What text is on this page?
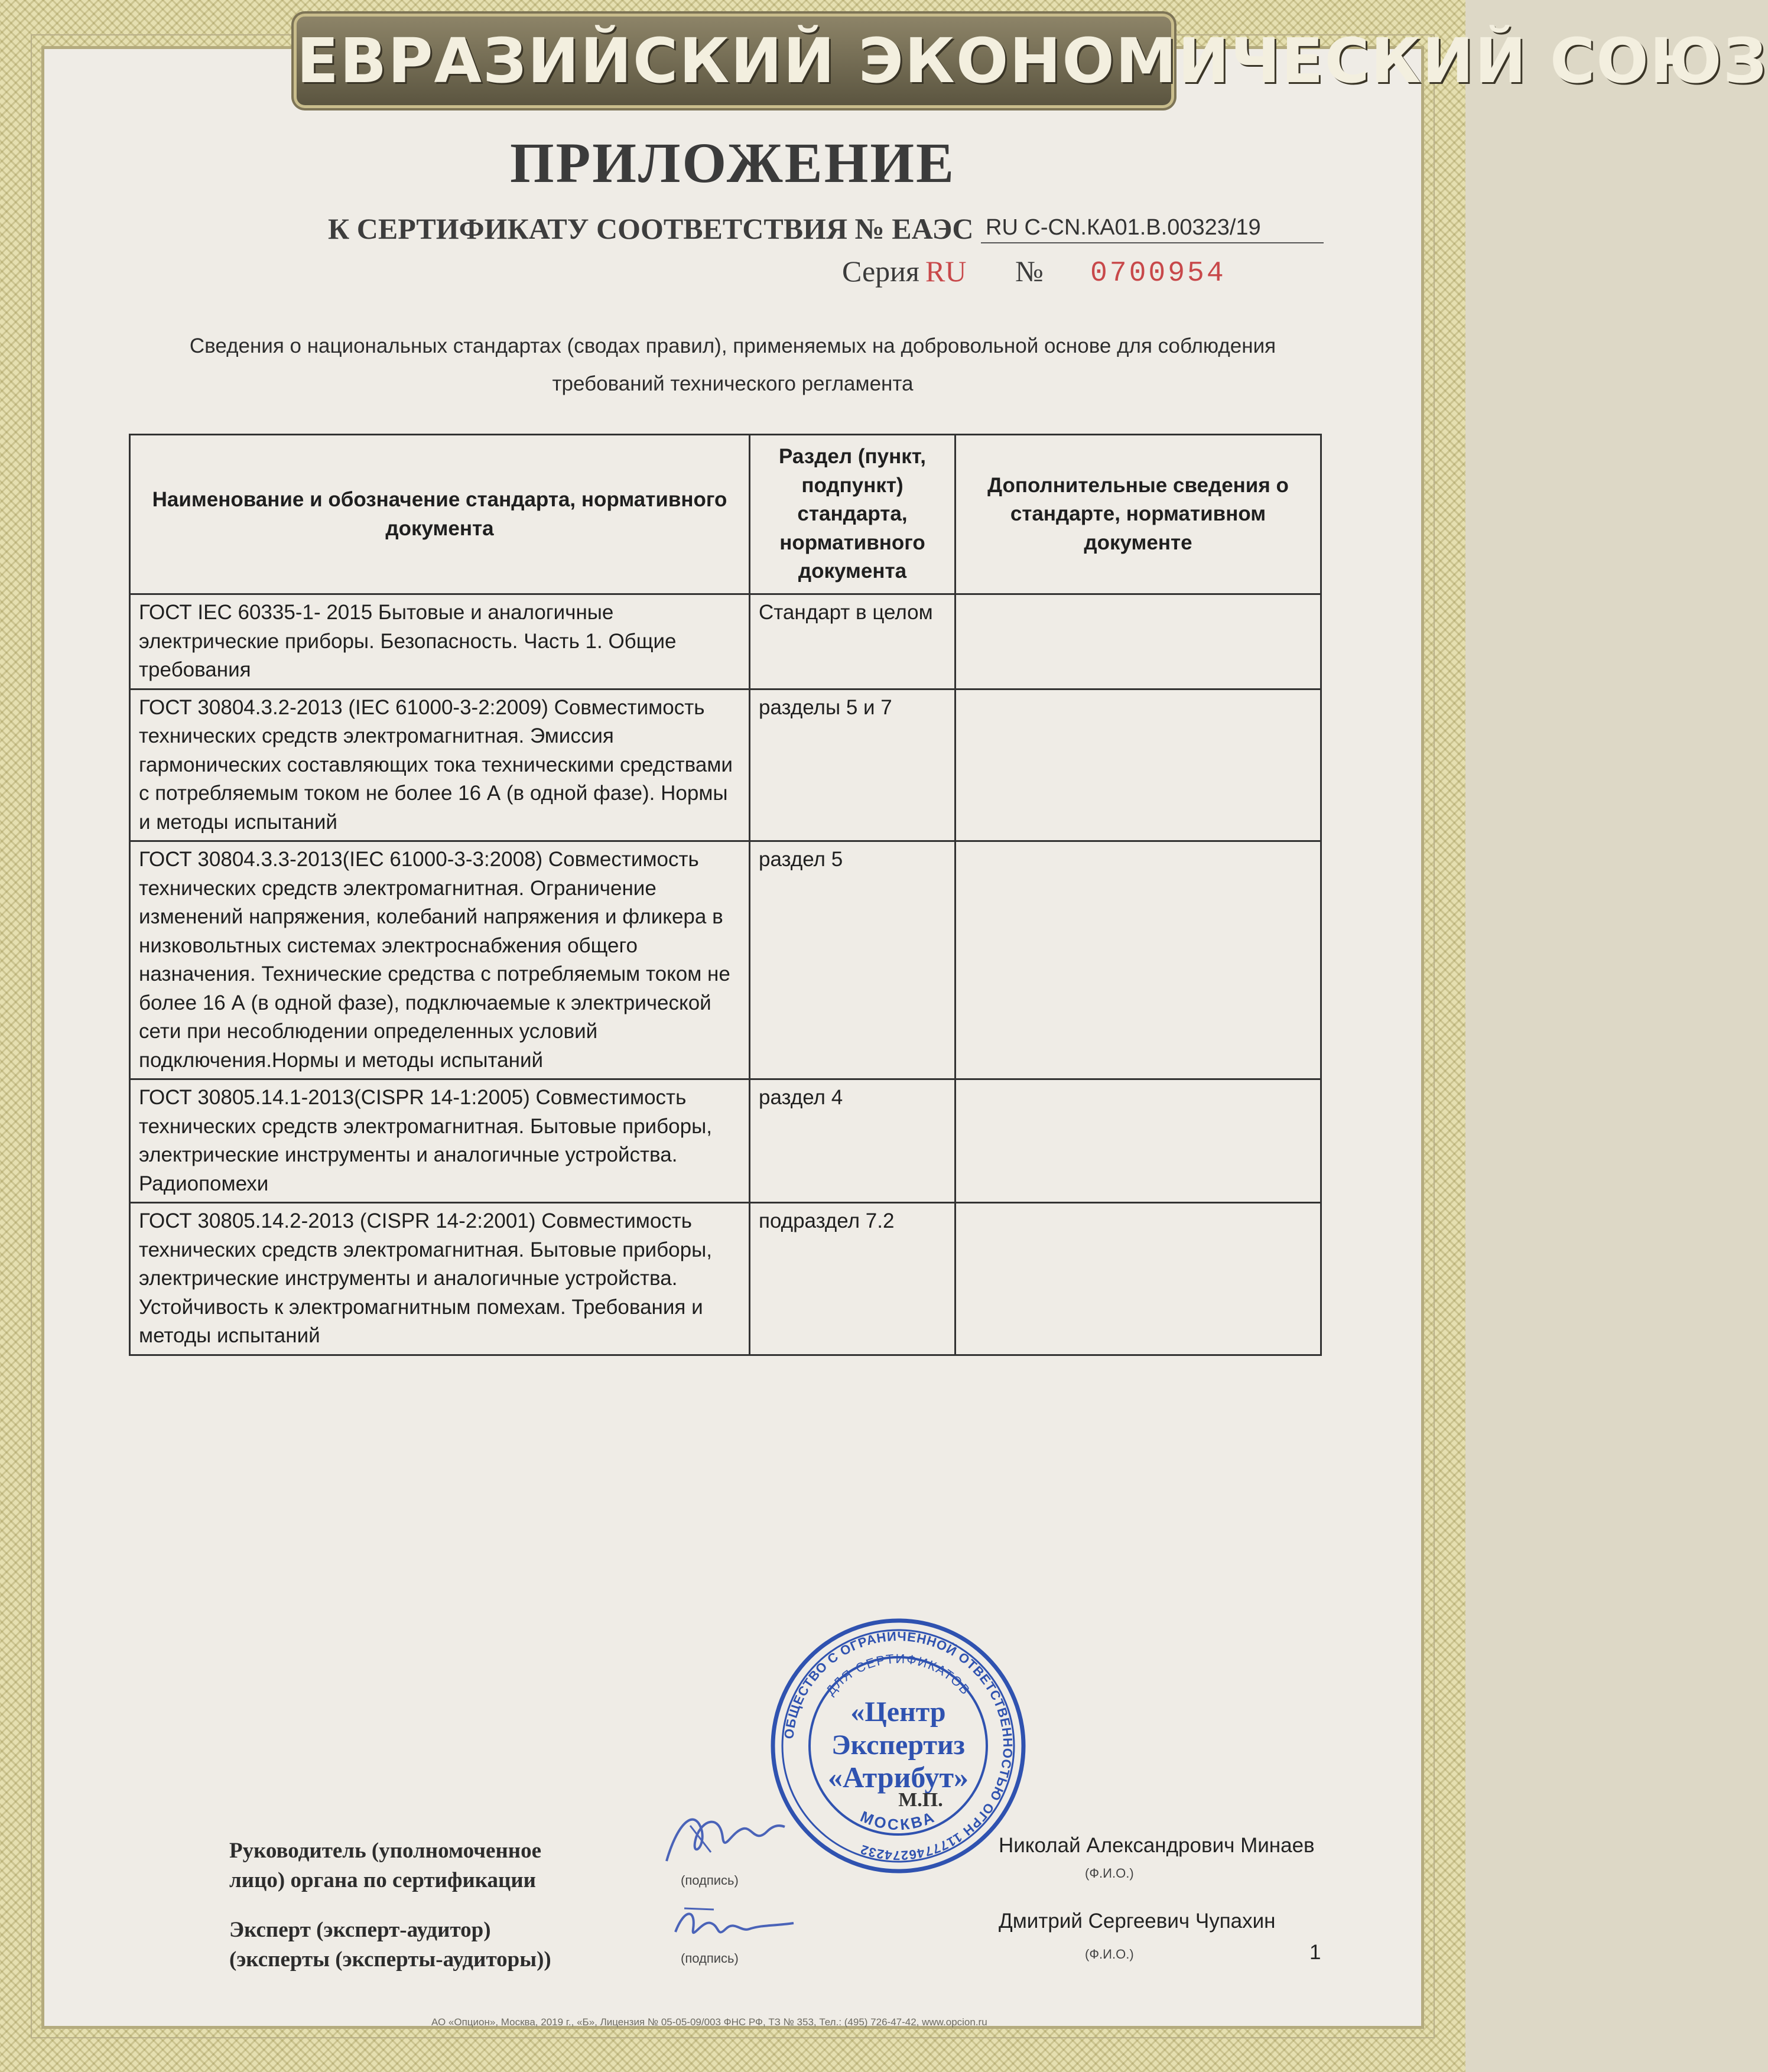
ЕВРАЗИЙСКИЙ ЭКОНОМИЧЕСКИЙ СОЮЗ
ПРИЛОЖЕНИЕ
К СЕРТИФИКАТУ СООТВЕТСТВИЯ № ЕАЭС RU C-CN.КА01.В.00323/19
Серия RU № 0700954
Сведения о национальных стандартах (сводах правил), применяемых на добровольной основе для соблюдения
требований технического регламента
Наименование и обозначение стандарта, нормативного документа	Раздел (пункт, подпункт) стандарта, нормативного документа	Дополнительные сведения о стандарте, нормативном документе
ГОСТ IEC 60335-1- 2015 Бытовые и аналогичные электрические приборы. Безопасность. Часть 1. Общие требования	Стандарт в целом	
ГОСТ 30804.3.2-2013 (IEC 61000-3-2:2009) Совместимость технических средств электромагнитная. Эмиссия гармонических составляющих тока техническими средствами с потребляемым током не более 16 А (в одной фазе). Нормы и методы испытаний	разделы 5 и 7	
ГОСТ 30804.3.3-2013(IEC 61000-3-3:2008) Совместимость технических средств электромагнитная. Ограничение изменений напряжения, колебаний напряжения и фликера в низковольтных системах электроснабжения общего назначения. Технические средства с потребляемым током не более 16 А (в одной фазе), подключаемые к электрической сети при несоблюдении определенных условий подключения.Нормы и методы испытаний	раздел 5	
ГОСТ 30805.14.1-2013(CISPR 14-1:2005) Совместимость технических средств электромагнитная. Бытовые приборы, электрические инструменты и аналогичные устройства. Радиопомехи	раздел 4	
ГОСТ 30805.14.2-2013 (CISPR 14-2:2001) Совместимость технических средств электромагнитная. Бытовые приборы, электрические инструменты и аналогичные устройства. Устойчивость к электромагнитным помехам. Требования и методы испытаний	подраздел 7.2	
Руководитель (уполномоченное
лицо) органа по сертификации
Эксперт (эксперт-аудитор)
(эксперты (эксперты-аудиторы))
(подпись)
(подпись)
Николай Александрович Минаев
Дмитрий Сергеевич Чупахин
(Ф.И.О.)
(Ф.И.О.)
ОБЩЕСТВО С ОГРАНИЧЕННОЙ ОТВЕТСТВЕННОСТЬЮ ОГРН 1177746274232
ДЛЯ СЕРТИФИКАТОВ
МОСКВА
«Центр
Экспертиз
«Атрибут»
М.П.
1
АО «Опцион», Москва, 2019 г., «Б», Лицензия № 05-05-09/003 ФНС РФ, ТЗ № 353, Тел.: (495) 726-47-42, www.opcion.ru
